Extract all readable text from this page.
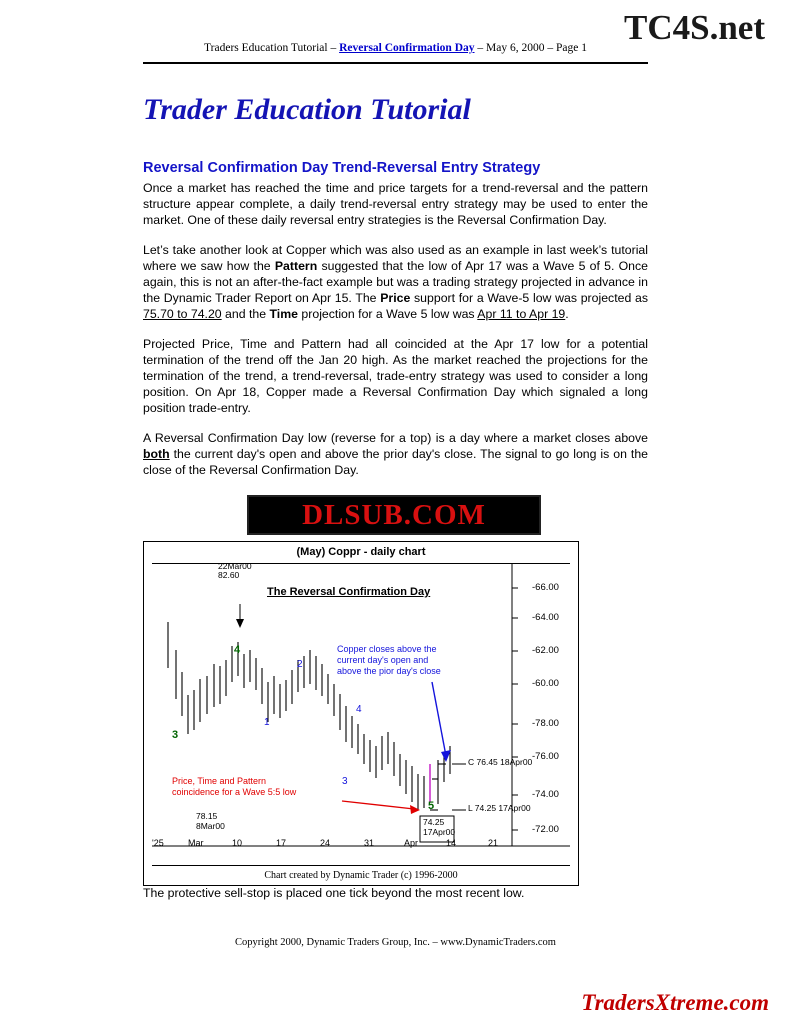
TC4S.net
Traders Education Tutorial – Reversal Confirmation Day – May 6, 2000 – Page 1
Trader Education Tutorial
Reversal Confirmation Day Trend-Reversal Entry Strategy

Once a market has reached the time and price targets for a trend-reversal and the pattern structure appear complete, a daily trend-reversal entry strategy may be used to enter the market. One of these daily reversal entry strategies is the Reversal Confirmation Day.

Let’s take another look at Copper which was also used as an example in last week’s tutorial where we saw how the Pattern suggested that the low of Apr 17 was a Wave 5 of 5. Once again, this is not an after-the-fact example but was a trading strategy projected in advance in the Dynamic Trader Report on Apr 15. The Price support for a Wave-5 low was projected as 75.70 to 74.20 and the Time projection for a Wave 5 low was Apr 11 to Apr 19.

Projected Price, Time and Pattern had all coincided at the Apr 17 low for a potential termination of the trend off the Jan 20 high. As the market reached the projections for the termination of the trend, a trend-reversal, trade-entry strategy was used to consider a long position. On Apr 18, Copper made a Reversal Confirmation Day which signaled a long position trade-entry.

A Reversal Confirmation Day low (reverse for a top) is a day where a market closes above both the current day's open and above the prior day's close. The signal to go long is on the close of the Reversal Confirmation Day.

DLSUB.COM
(May) Coppr - daily chart
22Mar00
82.60
The Reversal Confirmation Day
Copper closes above the
current day's open and
above the pior day's close
Price, Time and Pattern
coincidence for a Wave 5:5 low
C 76.45 18Apr00
L 74.25 17Apr00
74.25
17Apr00
78.15
8Mar00
4
2
1
3
4
3
5
-66.00
-64.00
-62.00
-60.00
-78.00
-76.00
-74.00
-72.00
'25	Mar	10	17	24	31	Apr	14	21
Chart created by Dynamic Trader (c) 1996-2000
The protective sell-stop is placed one tick beyond the most recent low.
Copyright 2000, Dynamic Traders Group, Inc. – www.DynamicTraders.com
TradersXtreme.com
